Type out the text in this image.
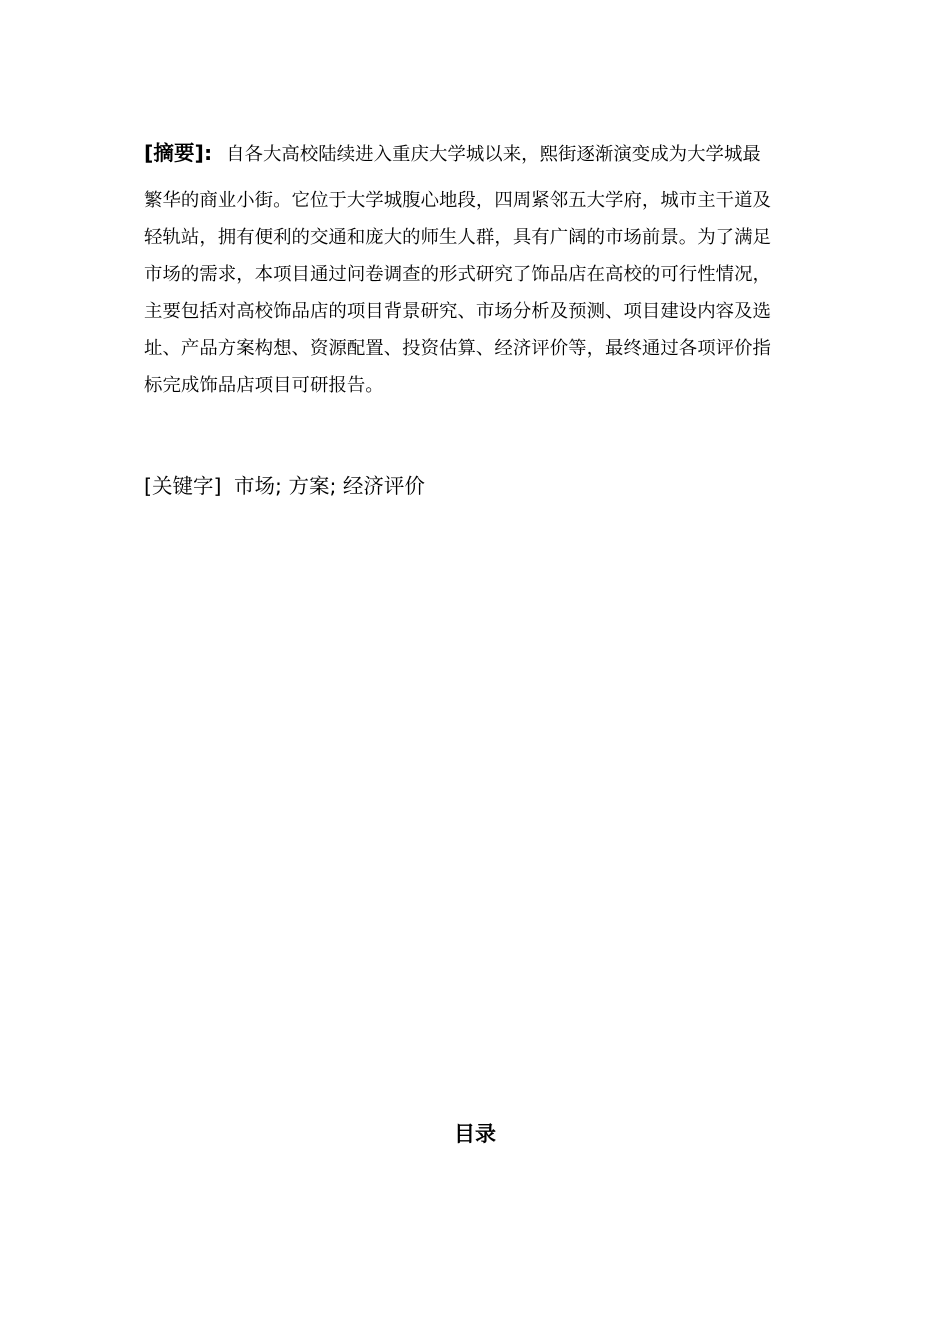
[摘要]: 自各大高校陆续进入重庆大学城以来，熙街逐渐演变成为大学城最
繁华的商业小街。它位于大学城腹心地段，四周紧邻五大学府，城市主干道及
轻轨站，拥有便利的交通和庞大的师生人群，具有广阔的市场前景。为了满足
市场的需求，本项目通过问卷调查的形式研究了饰品店在高校的可行性情况，
主要包括对高校饰品店的项目背景研究、市场分析及预测、项目建设内容及选
址、产品方案构想、资源配置、投资估算、经济评价等，最终通过各项评价指
标完成饰品店项目可研报告。
[关键字] 市场; 方案; 经济评价
目录
